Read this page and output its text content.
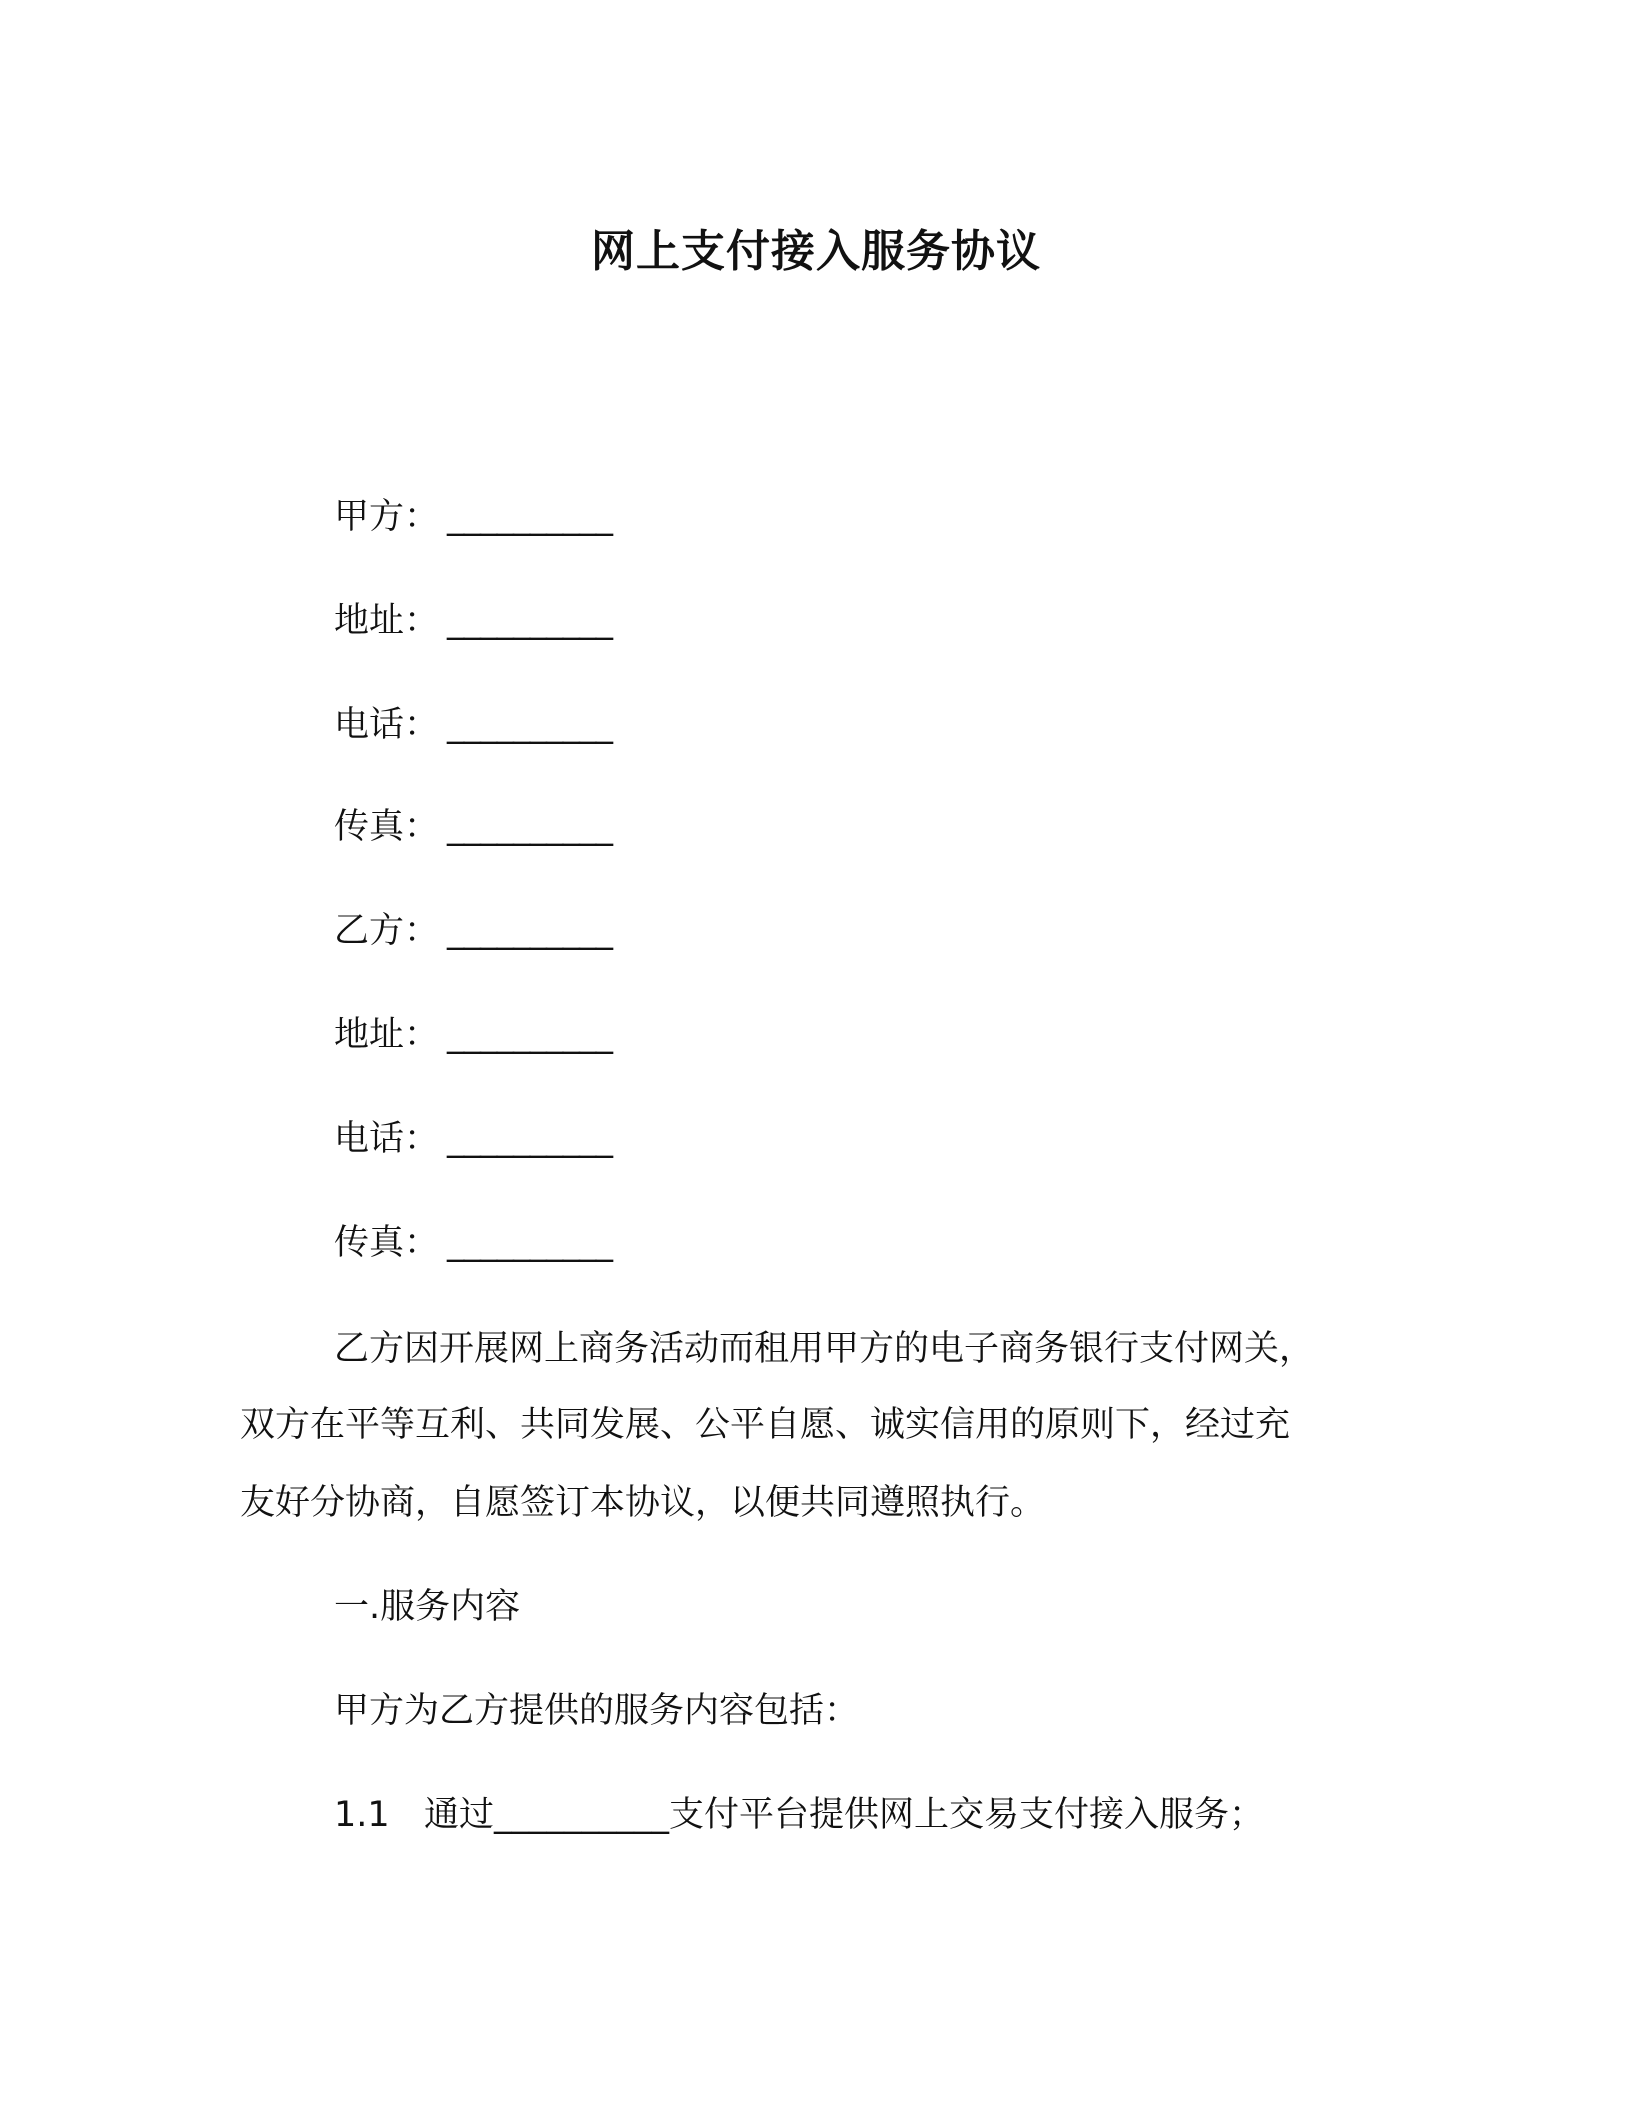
网上支付接入服务协议
甲方： __________
地址： __________
电话： __________
传真： __________
乙方： __________
地址： __________
电话： __________
传真： __________
乙方因开展网上商务活动而租用甲方的电子商务银行支付网关，
双方在平等互利、共同发展、公平自愿、诚实信用的原则下，经过充
友好分协商，自愿签订本协议，以便共同遵照执行。
一.服务内容
甲方为乙方提供的服务内容包括：
1.1 通过__________支付平台提供网上交易支付接入服务；
